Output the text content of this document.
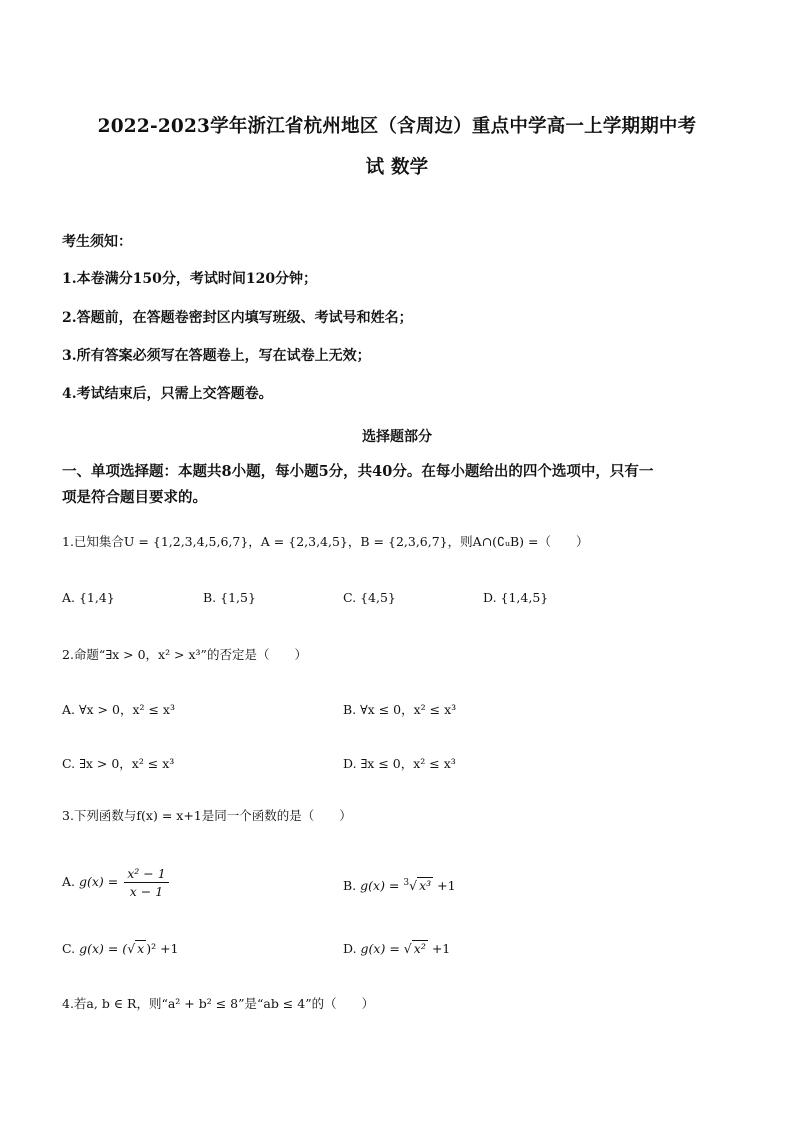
2022-2023学年浙江省杭州地区（含周边）重点中学高一上学期期中考
试 数学
考生须知：
1.本卷满分150分，考试时间120分钟；
2.答题前，在答题卷密封区内填写班级、考试号和姓名；
3.所有答案必须写在答题卷上，写在试卷上无效；
4.考试结束后，只需上交答题卷。
选择题部分
一、单项选择题：本题共8小题，每小题5分，共40分。在每小题给出的四个选项中，只有一
项是符合题目要求的。
1.已知集合U = {1,2,3,4,5,6,7}，A = {2,3,4,5}，B = {2,3,6,7}，则A∩(∁ᵤB) =（　　）
A. {1,4}	B. {1,5}	C. {4,5}	D. {1,4,5}
2.命题“∃x > 0，x² > x³”的否定是（　　）
A. ∀x > 0，x² ≤ x³	B. ∀x ≤ 0，x² ≤ x³
C. ∃x > 0，x² ≤ x³	D. ∃x ≤ 0，x² ≤ x³
3.下列函数与f(x) = x+1是同一个函数的是（　　）
A. $g(x) = \frac{\text{x² − 1}}{x - 1}$	B. g(x) = $^3$√ x³ +1
C. g(x) = (√ x )² +1	D. g(x) = √ x² +1
4.若a, b ∈ R，则“a² + b² ≤ 8”是“ab ≤ 4”的（　　）
